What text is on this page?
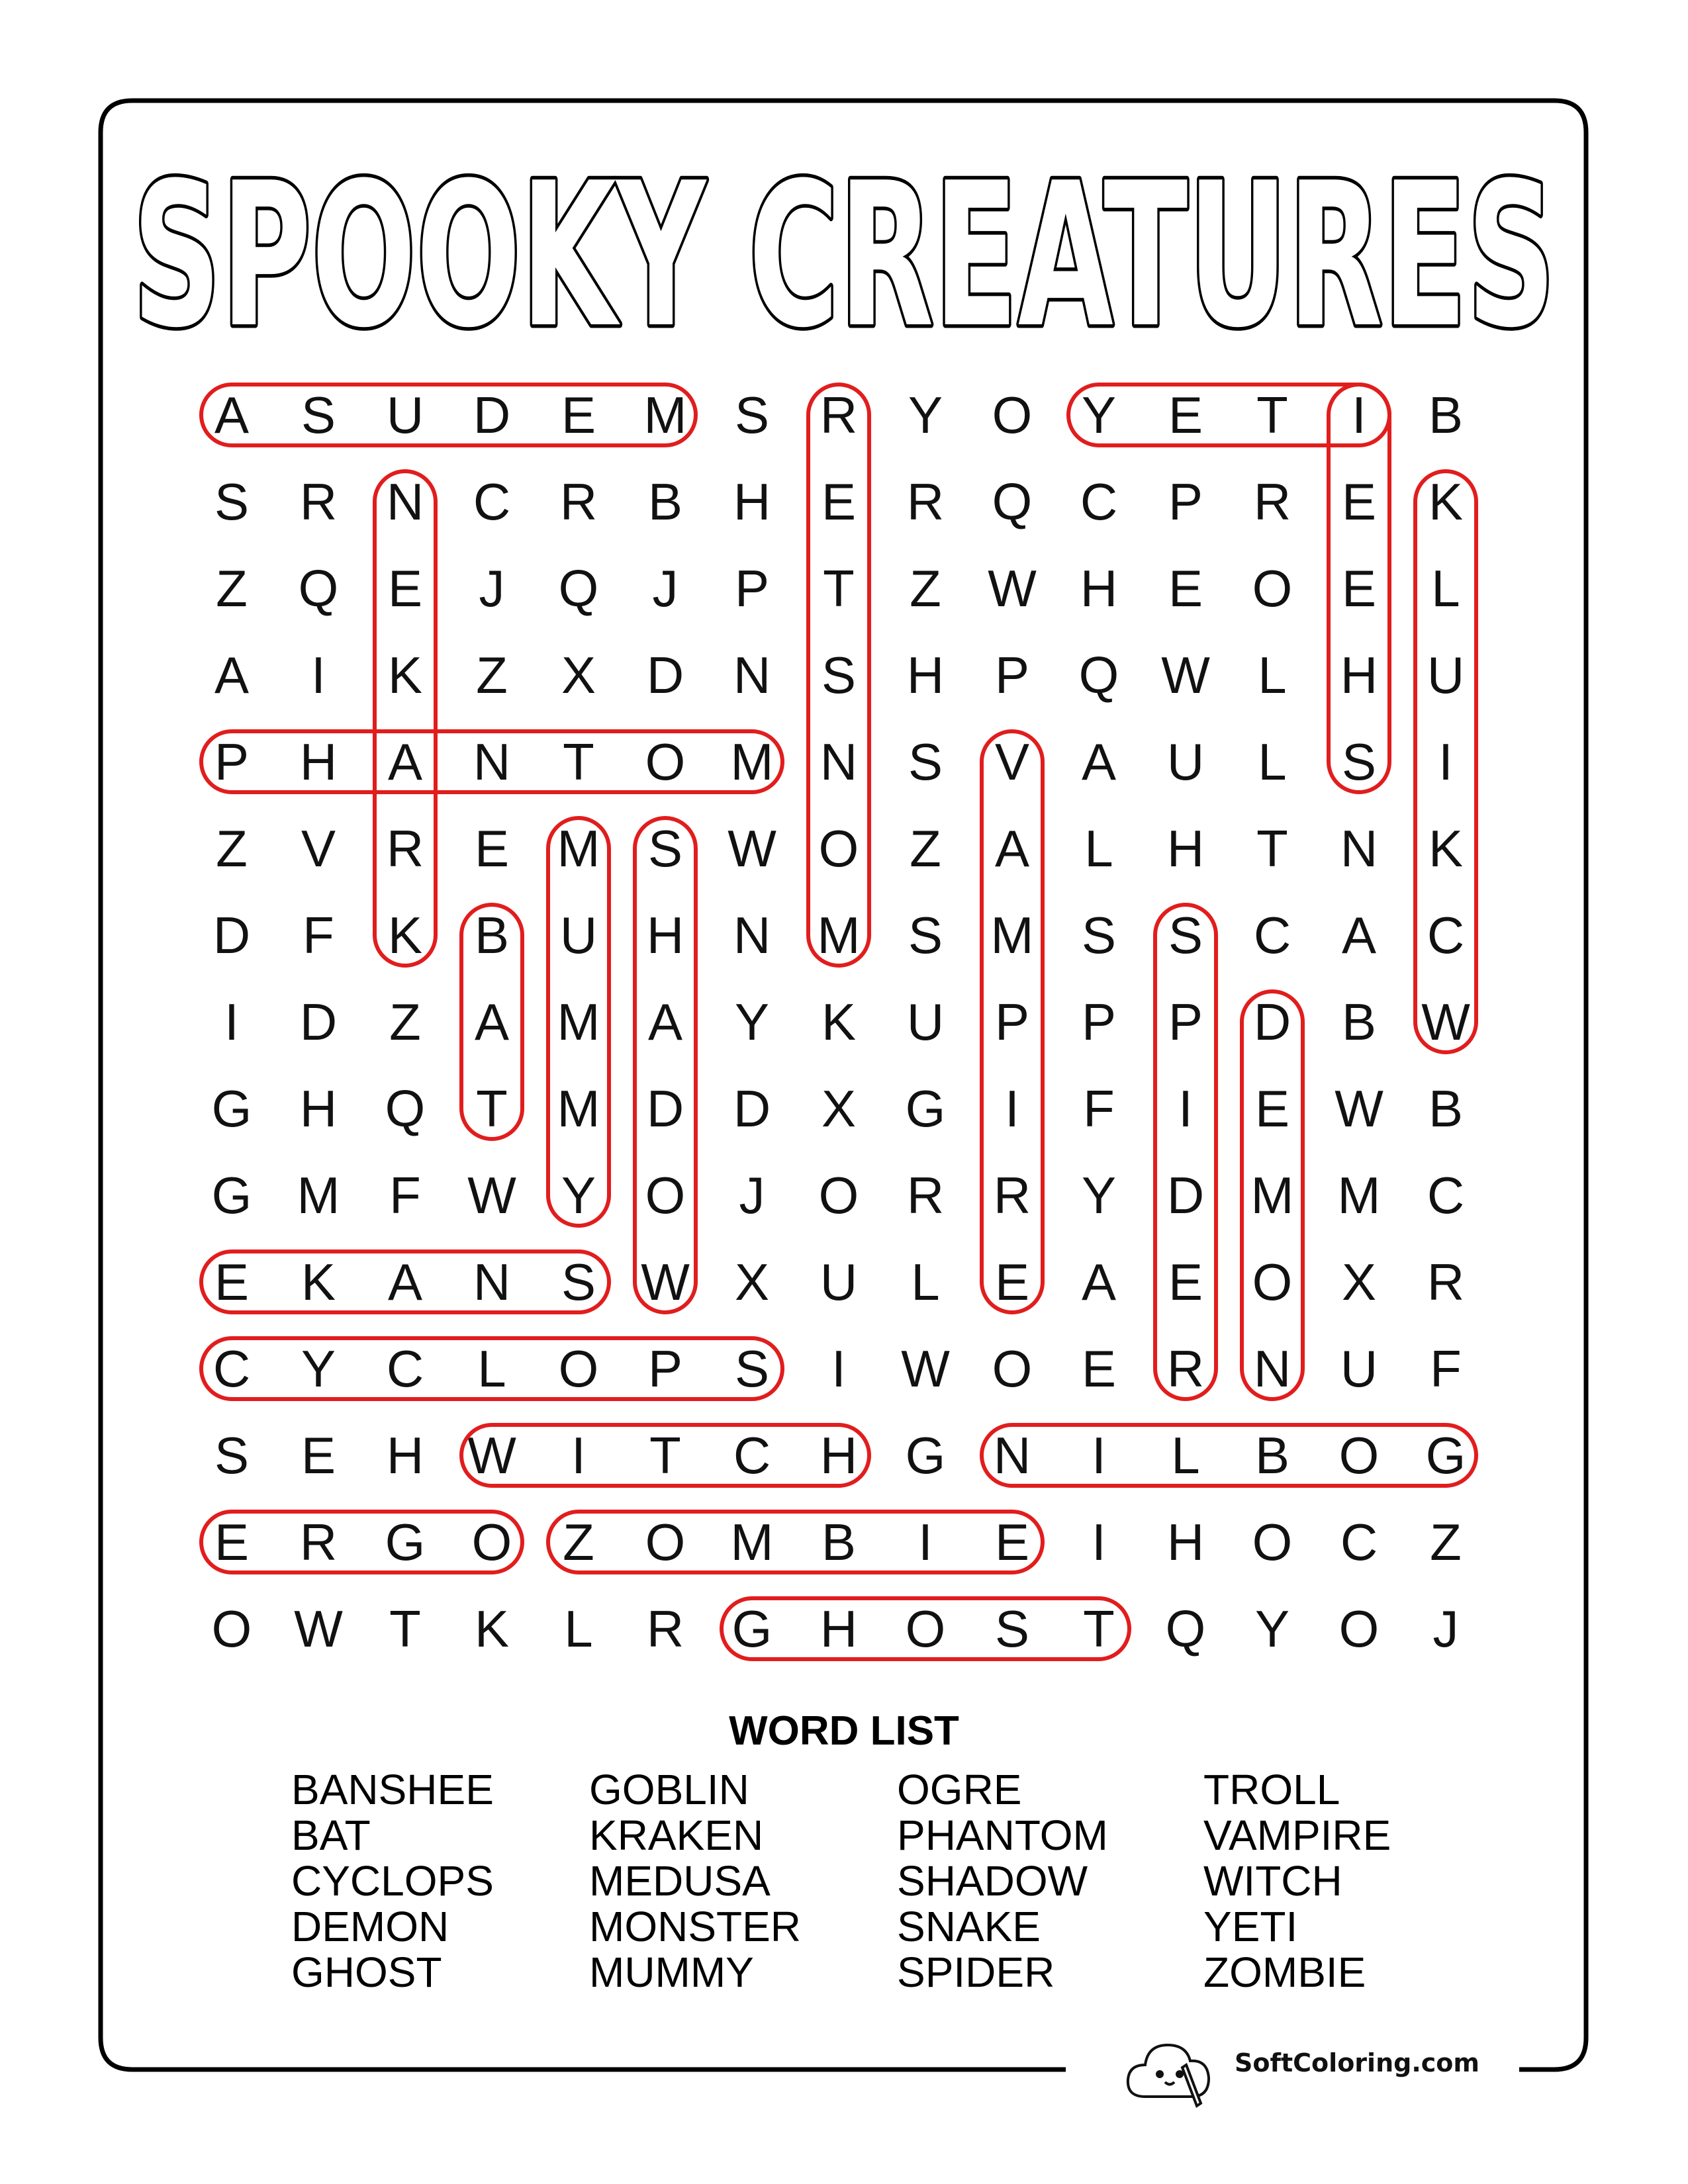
SPOOKY CREATURES
A S U D E M S R Y O Y E T I B
S R N C R B H E R Q C P R E K
Z Q E J Q J P T Z W H E O E L
A I K Z X D N S H P Q W L H U
P H A N T O M N S V A U L S I
Z V R E M S W O Z A L H T N K
D F K B U H N M S M S S C A C
I D Z A M A Y K U P P P D B W
G H Q T M D D X G I F I E W B
G M F W Y O J O R R Y D M M C
E K A N S W X U L E A E O X R
C Y C L O P S I W O E R N U F
S E H W I T C H G N I L B O G
E R G O Z O M B I E I H O C Z
O W T K L R G H O S T Q Y O J
WORD LIST
BANSHEE
BAT
CYCLOPS
DEMON
GHOST
GOBLIN
KRAKEN
MEDUSA
MONSTER
MUMMY
OGRE
PHANTOM
SHADOW
SNAKE
SPIDER
TROLL
VAMPIRE
WITCH
YETI
ZOMBIE
SoftColoring.com
